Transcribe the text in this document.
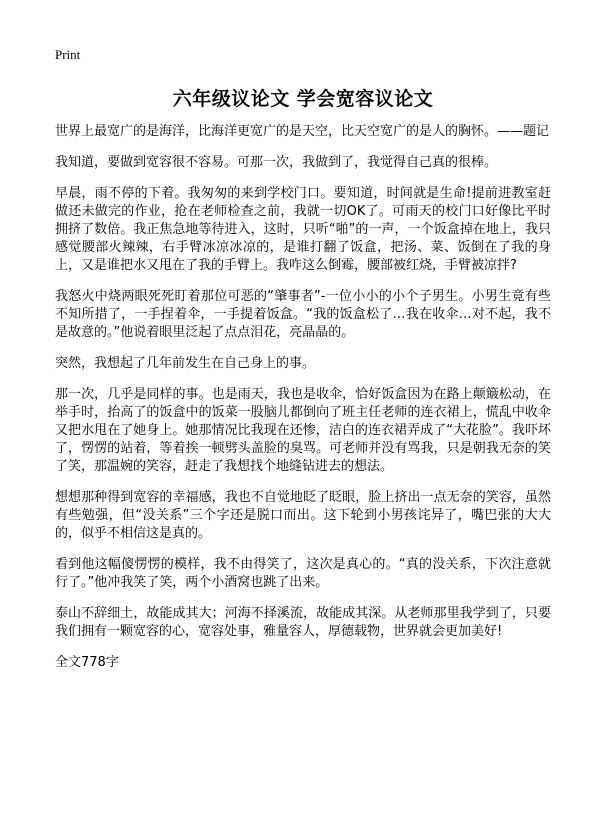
Print
六年级议论文 学会宽容议论文

世界上最宽广的是海洋，比海洋更宽广的是天空，比天空宽广的是人的胸怀。——题记

我知道，要做到宽容很不容易。可那一次，我做到了，我觉得自己真的很棒。

早晨，雨不停的下着。我匆匆的来到学校门口。要知道，时间就是生命!提前进教室赶做还未做完的作业，抢在老师检查之前，我就一切OK了。可雨天的校门口好像比平时拥挤了数倍。我正焦急地等待进入，这时，只听“啪”的一声，一个饭盒掉在地上，我只感觉腰部火辣辣，右手臂冰凉冰凉的，是谁打翻了饭盒，把汤、菜、饭倒在了我的身上，又是谁把水又甩在了我的手臂上。我咋这么倒霉，腰部被红烧，手臂被凉拌?

我怒火中烧两眼死死盯着那位可恶的“肇事者”-一位小小的小个子男生。小男生竟有些不知所措了，一手捏着伞，一手提着饭盒。“我的饭盒松了…我在收伞…对不起，我不是故意的。”他说着眼里泛起了点点泪花，亮晶晶的。

突然，我想起了几年前发生在自己身上的事。

那一次，几乎是同样的事。也是雨天，我也是收伞，恰好饭盒因为在路上颠簸松动，在举手时，抬高了的饭盒中的饭菜一股脑儿都倒向了班主任老师的连衣裙上，慌乱中收伞又把水甩在了她身上。她那情况比我现在还惨，洁白的连衣裙弄成了“大花脸”。我吓坏了，愣愣的站着，等着挨一顿劈头盖脸的臭骂。可老师并没有骂我，只是朝我无奈的笑了笑，那温婉的笑容，赶走了我想找个地缝钻进去的想法。

想想那种得到宽容的幸福感，我也不自觉地眨了眨眼，脸上挤出一点无奈的笑容，虽然有些勉强，但“没关系”三个字还是脱口而出。这下轮到小男孩诧异了，嘴巴张的大大的，似乎不相信这是真的。

看到他这幅傻愣愣的模样，我不由得笑了，这次是真心的。“真的没关系，下次注意就行了。”他冲我笑了笑，两个小酒窝也跳了出来。

泰山不辞细土，故能成其大；河海不择溪流，故能成其深。从老师那里我学到了，只要我们拥有一颗宽容的心，宽容处事，雅量容人，厚德载物，世界就会更加美好!

全文778字
